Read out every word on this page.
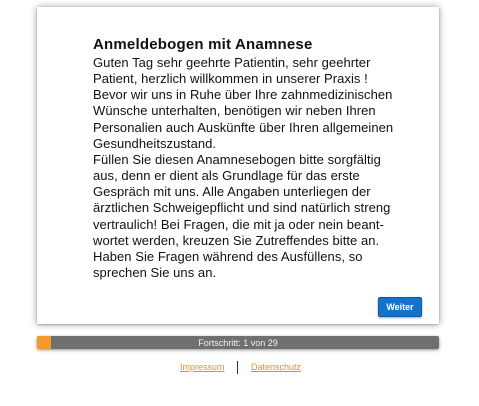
Anmeldebogen mit Anamnese

Guten Tag sehr geehrte Patientin, sehr geehrter

Patient, herzlich willkommen in unserer Praxis !

Bevor wir uns in Ruhe über Ihre zahnmedizinischen

Wünsche unterhalten, benötigen wir neben Ihren

Personalien auch Auskünfte über Ihren allgemeinen

Gesundheitszustand.

Füllen Sie diesen Anamnesebogen bitte sorgfältig

aus, denn er dient als Grundlage für das erste

Gespräch mit uns. Alle Angaben unterliegen der

ärztlichen Schweigepflicht und sind natürlich streng

vertraulich! Bei Fragen, die mit ja oder nein beant-

wortet werden, kreuzen Sie Zutreffendes bitte an.

Haben Sie Fragen während des Ausfüllens, so

sprechen Sie uns an.

Weiter
Fortschritt: 1 von 29
Impressum	Datenschutz
